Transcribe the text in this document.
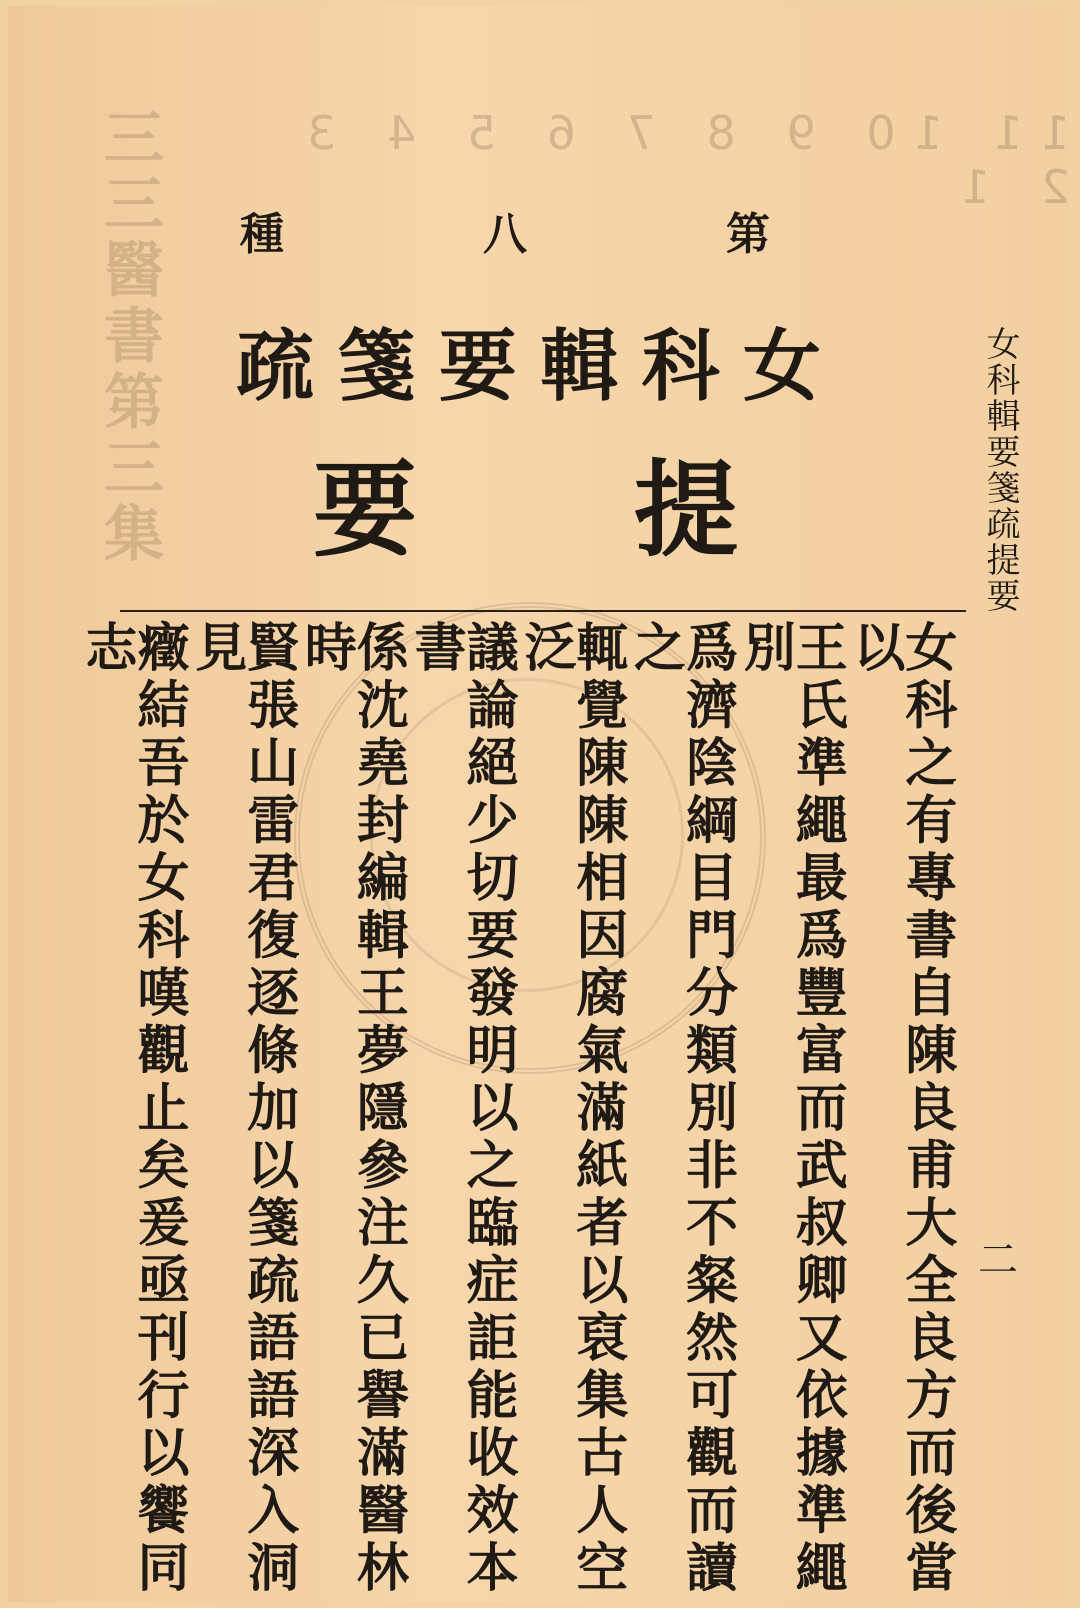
11 10 9 8 7 6 5 4 3 2 1
三三醫書第三集	第
八
種
女
科
輯
要
箋
疏
提
要	女科輯要箋疏提要
二
女科之有專書自陳良甫大全良方而後當以
王氏準繩最爲豐富而武叔卿又依據準繩別
爲濟陰綱目門分類別非不粲然可觀而讀之
輒覺陳陳相因腐氣滿紙者以裒集古人空泛
議論絕少切要發明以之臨症詎能收效本書
係沈堯封編輯王夢隱參注久已譽滿醫林時
賢張山雷君復逐條加以箋疏語語深入洞見
癥結吾於女科嘆觀止矣爰亟刊行以饗同志
